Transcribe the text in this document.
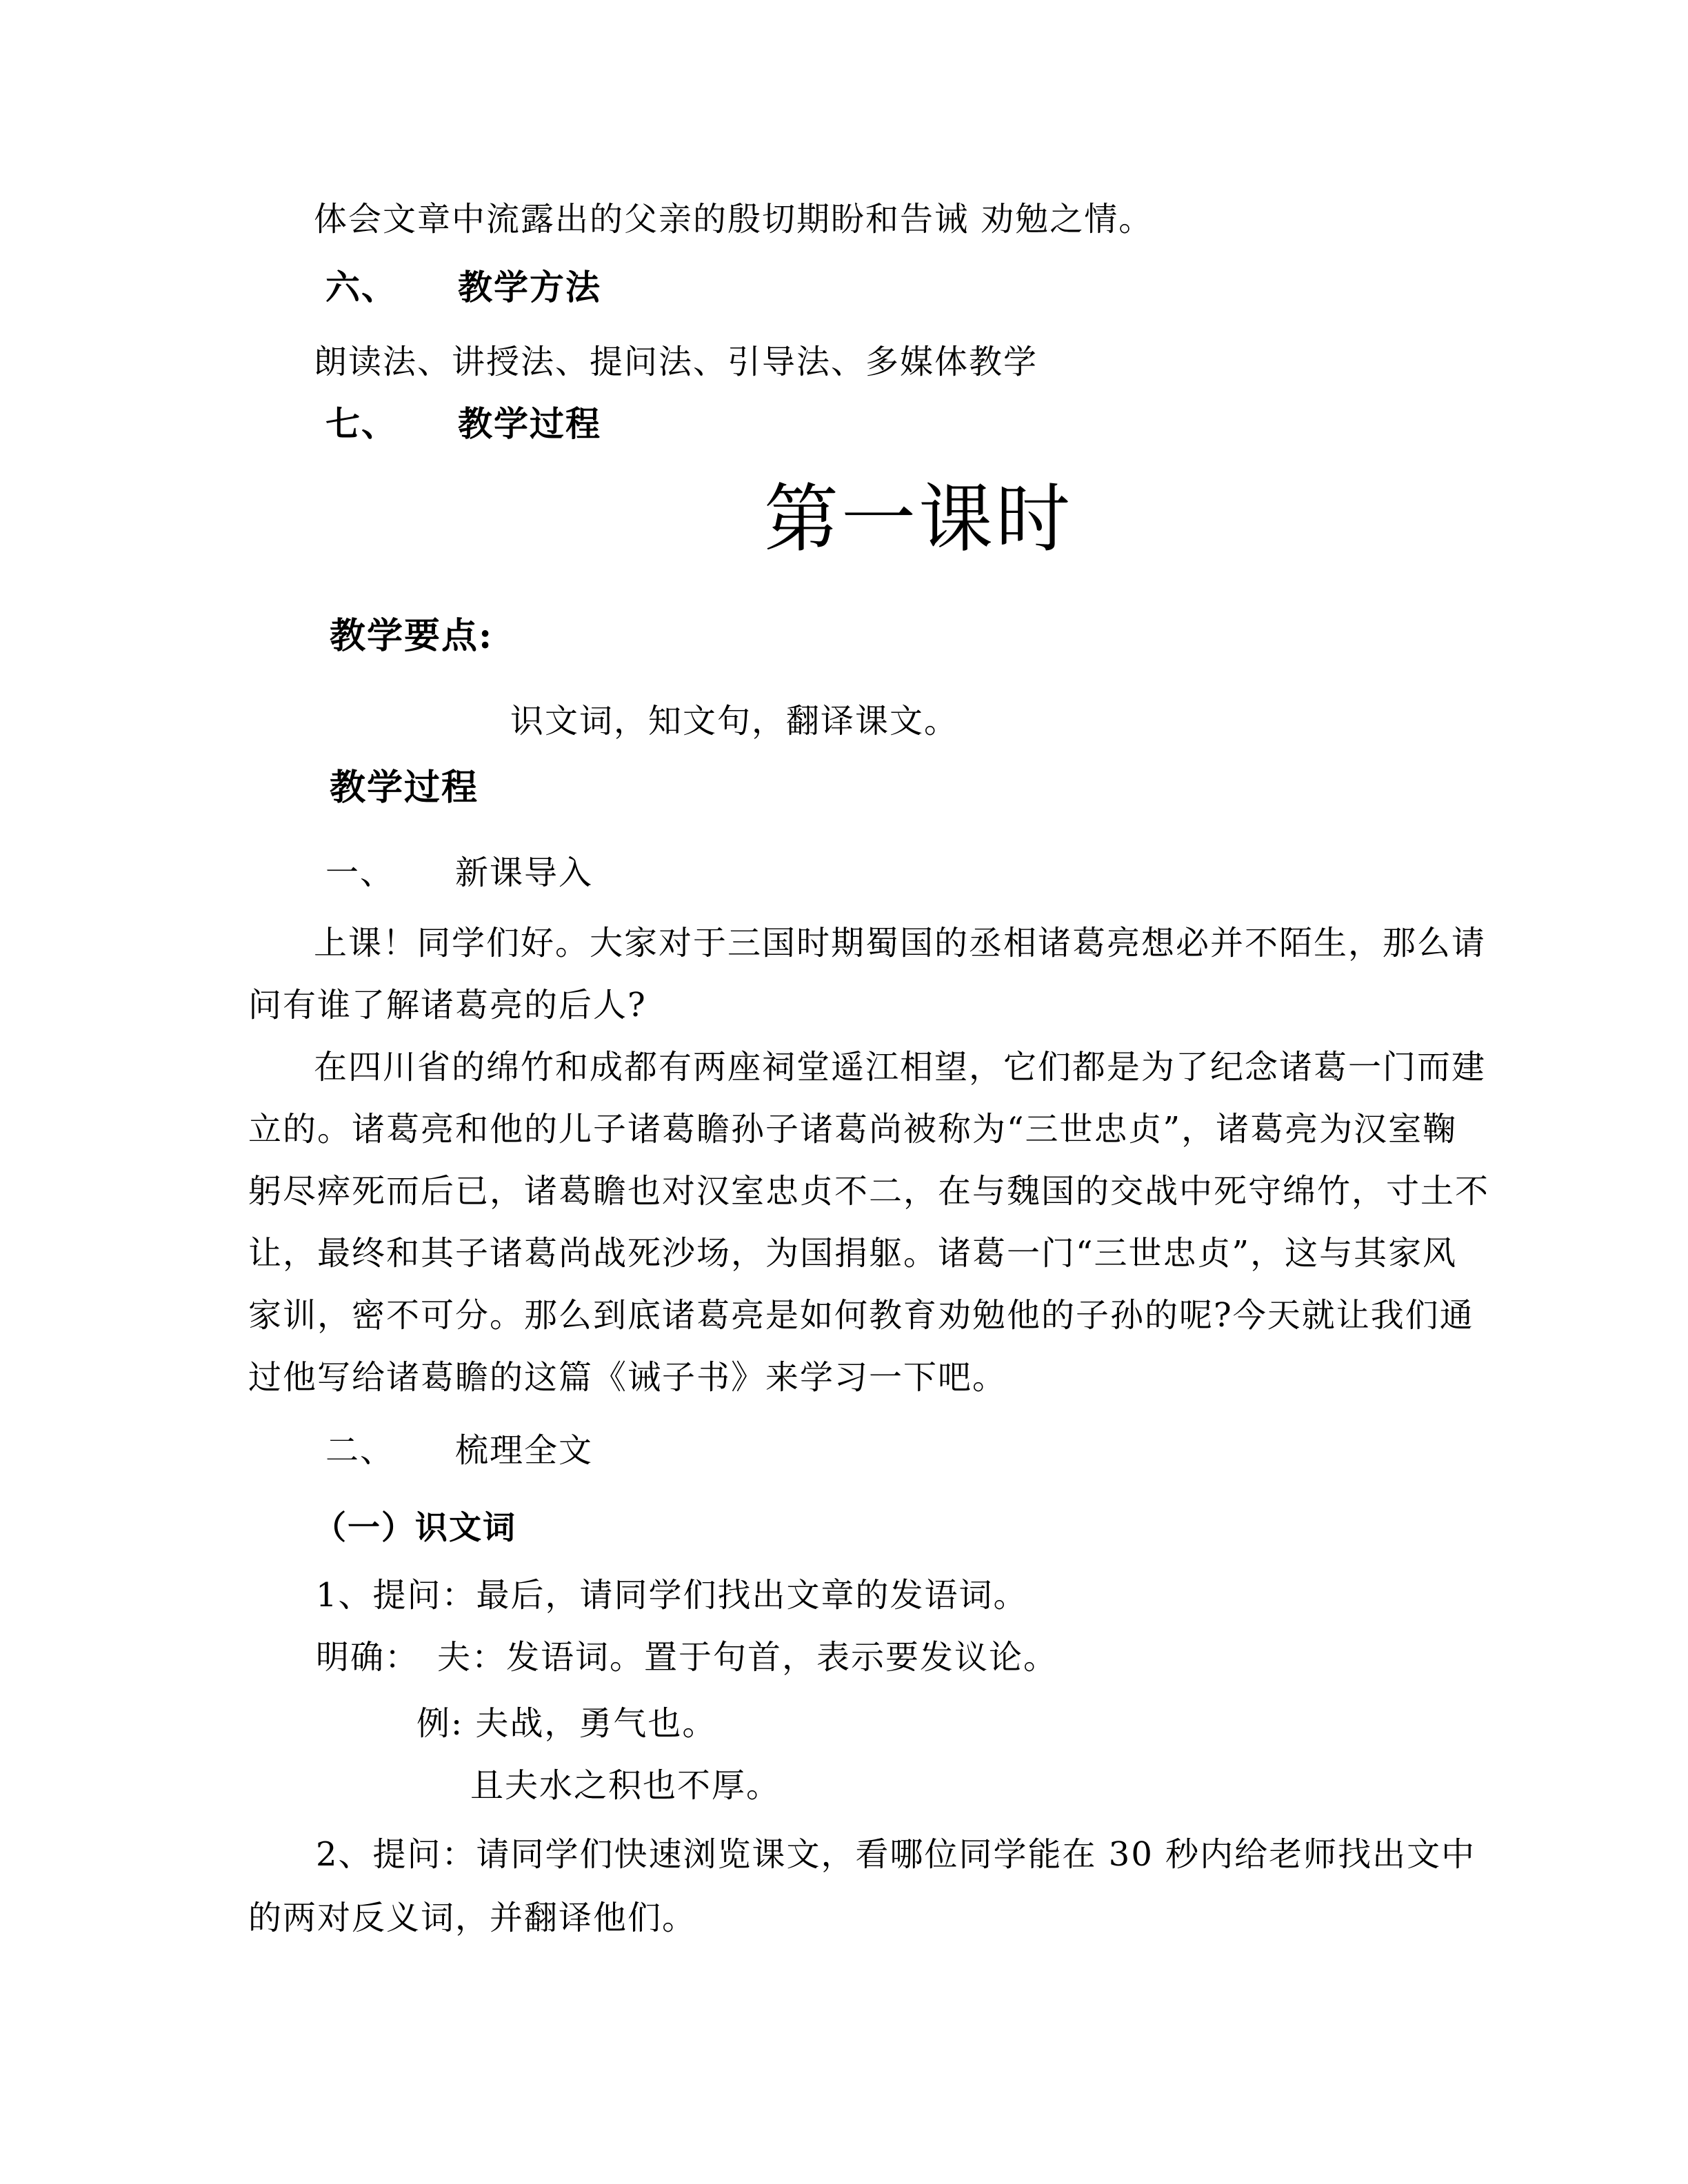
体会文章中流露出的父亲的殷切期盼和告诫 劝勉之情。
六、 教学方法
朗读法、讲授法、提问法、引导法、多媒体教学
七、 教学过程
第一课时
教学要点:
识文词，知文句，翻译课文。
教学过程
一、 新课导入
上课！同学们好。大家对于三国时期蜀国的丞相诸葛亮想必并不陌生，那么请
问有谁了解诸葛亮的后人?
在四川省的绵竹和成都有两座祠堂遥江相望，它们都是为了纪念诸葛一门而建
立的。诸葛亮和他的儿子诸葛瞻孙子诸葛尚被称为“三世忠贞”，诸葛亮为汉室鞠
躬尽瘁死而后已，诸葛瞻也对汉室忠贞不二，在与魏国的交战中死守绵竹，寸土不
让，最终和其子诸葛尚战死沙场，为国捐躯。诸葛一门“三世忠贞”，这与其家风
家训，密不可分。那么到底诸葛亮是如何教育劝勉他的子孙的呢?今天就让我们通
过他写给诸葛瞻的这篇《诫子书》来学习一下吧。
二、 梳理全文
（一）识文词
1、提问：最后，请同学们找出文章的发语词。
明确：　夫：发语词。置于句首，表示要发议论。
例: 夫战，勇气也。
且夫水之积也不厚。
2、提问：请同学们快速浏览课文，看哪位同学能在 30 秒内给老师找出文中
的两对反义词，并翻译他们。
